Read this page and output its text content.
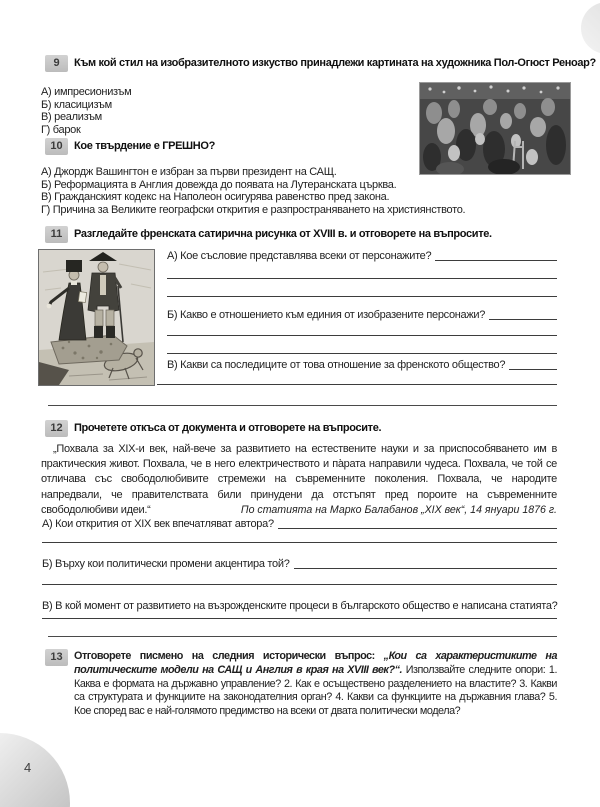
4
9	Към кой стил на изобразителното изкуство принадлежи картината на художника Пол-Огюст Реноар?
А) импресионизъм
Б) класицизъм
В) реализъм
Г) барок
10	Кое твърдение е ГРЕШНО?
А) Джордж Вашингтон е избран за първи президент на САЩ.
Б) Реформацията в Англия довежда до появата на Лутеранската църква.
В) Гражданският кодекс на Наполеон осигурява равенство пред закона.
Г) Причина за Великите географски открития е разпространяването на християнството.
11	Разгледайте френската сатирична рисунка от XVIII в. и отговорете на въпросите.
А) Кое съсловие представлява всеки от персонажите?
Б) Какво е отношението към единия от изобразените персонажи?
В) Какви са последиците от това отношение за френското общество?
12	Прочетете откъса от документа и отговорете на въпросите.
„Похвала за XIX-и век, най-вече за развитието на естествените науки и за приспособяването им в практическия живот. Похвала, че в него електричеството и па̀рата направили чудеса. Похвала, че той се отличава със свободолюбивите стремежи на съвременните поколения. Похвала, че народите напредвали, че правителствата били принудени да отстъпят пред пороите на съвременните свободолюбиви идеи.“	По статията на Марко Балабанов „XIX век“, 14 януари 1876 г.
А) Кои открития от XIX век впечатляват автора?
Б) Върху кои политически промени акцентира той?
В) В кой момент от развитието на възрожденските процеси в българското общество е написана статията?
13	Отговорете писмено на следния исторически въпрос: „Кои са характеристиките на политическите модели на САЩ и Англия в края на XVIII век?“. Използвайте следните опори: 1. Каква е формата на държавно управление? 2. Как е осъществено разделението на властите? 3. Какви са структурата и функциите на законодателния орган? 4. Какви са функциите на държавния глава? 5. Кое според вас е най-голямото предимство на всеки от двата политически модела?
